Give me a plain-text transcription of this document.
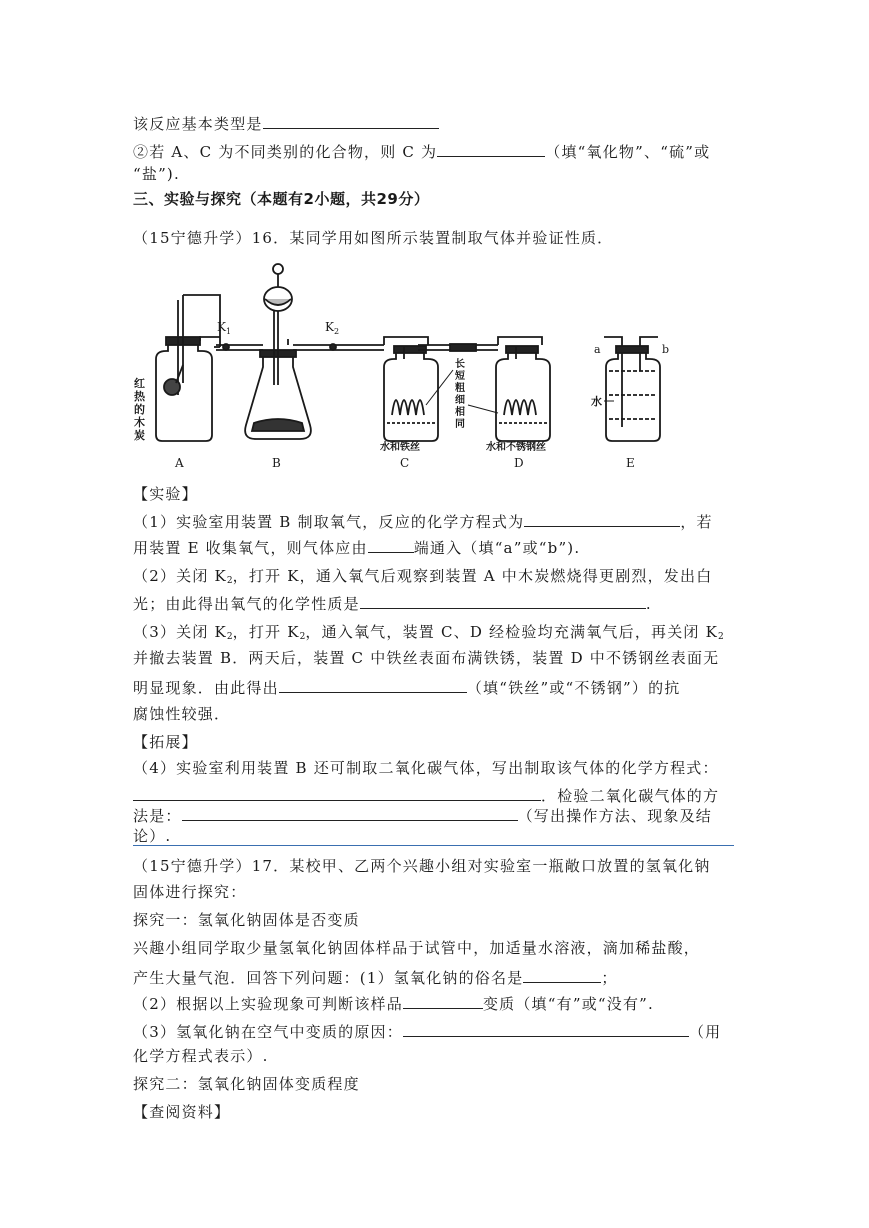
该反应基本类型是
②若 A、C 为不同类别的化合物，则 C 为	（填“氧化物”、“硫”或
“盐”).
三、实验与探究（本题有2小题，共29分）
（15宁德升学）16．某同学用如图所示装置制取气体并验证性质．
$K_1$	$K_2$
a	b
红
热
的
木
炭
长
短
粗
细
相
同
水
水和铁丝	水和不锈钢丝
A	B	C	D	E
【实验】
（1）实验室用装置 B 制取氧气，反应的化学方程式为	，若
用装置 E 收集氧气，则气体应由	端通入（填“a”或“b”).
（2）关闭 $K_2$，打开 K，通入氧气后观察到装置 A 中木炭燃烧得更剧烈，发出白
光；由此得出氧气的化学性质是	.
（3）关闭 $K_2$，打开 $K_2$，通入氧气，装置 C、D 经检验均充满氧气后，再关闭 $K_2$
并撤去装置 B．两天后，装置 C 中铁丝表面布满铁锈，装置 D 中不锈钢丝表面无
明显现象．由此得出	（填“铁丝”或“不锈钢”）的抗
腐蚀性较强．
【拓展】
（4）实验室利用装置 B 还可制取二氧化碳气体，写出制取该气体的化学方程式：
．检验二氧化碳气体的方
法是：	（写出操作方法、现象及结
论）.
（15宁德升学）17．某校甲、乙两个兴趣小组对实验室一瓶敞口放置的氢氧化钠
固体进行探究：
探究一：氢氧化钠固体是否变质
兴趣小组同学取少量氢氧化钠固体样品于试管中，加适量水溶液，滴加稀盐酸，
产生大量气泡．回答下列问题：(1）氢氧化钠的俗名是	；
（2）根据以上实验现象可判断该样品	变质（填“有”或“没有”.
（3）氢氧化钠在空气中变质的原因：	（用
化学方程式表示）.
探究二：氢氧化钠固体变质程度
【查阅资料】
